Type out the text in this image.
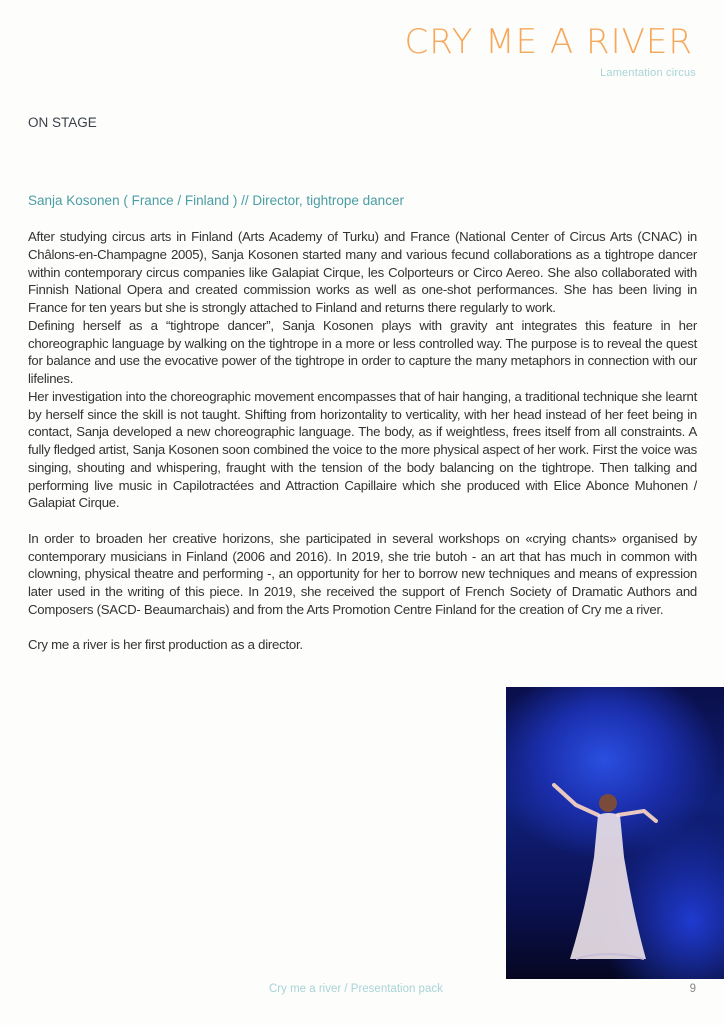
CRY ME A RIVER
Lamentation circus
ON STAGE
Sanja Kosonen ( France / Finland ) // Director, tightrope dancer

After studying circus arts in Finland (Arts Academy of Turku) and France (National Center of Circus Arts (CNAC) in Châlons-en-Champagne 2005), Sanja Kosonen started many and various fecund collaborations as a tightrope dancer within contemporary circus companies like Galapiat Cirque, les Colporteurs or Circo Aereo. She also collaborated with Finnish National Opera and created commission works as well as one-shot performances. She has been living in France for ten years but she is strongly attached to Finland and returns there regularly to work.

Defining herself as a “tightrope dancer”, Sanja Kosonen plays with gravity ant integrates this feature in her choreographic language by walking on the tightrope in a more or less controlled way. The purpose is to reveal the quest for balance and use the evocative power of the tightrope in order to capture the many metaphors in connection with our lifelines.

Her investigation into the choreographic movement encompasses that of hair hanging, a traditional technique she learnt by herself since the skill is not taught. Shifting from horizontality to verticality, with her head instead of her feet being in contact, Sanja developed a new choreographic language. The body, as if weightless, frees itself from all constraints. A fully fledged artist, Sanja Kosonen soon combined the voice to the more physical aspect of her work. First the voice was singing, shouting and whispering, fraught with the tension of the body balancing on the tightrope. Then talking and performing live music in Capilotractées and Attraction Capillaire which she produced with Elice Abonce Muhonen / Galapiat Cirque.

In order to broaden her creative horizons, she participated in several workshops on «crying chants» organised by contemporary musicians in Finland (2006 and 2016). In 2019, she trie butoh - an art that has much in common with clowning, physical theatre and performing -, an opportunity for her to borrow new techniques and means of expression later used in the writing of this piece. In 2019, she received the support of French Society of Dramatic Authors and Composers (SACD- Beaumarchais) and from the Arts Promotion Centre Finland for the creation of Cry me a river.

Cry me a river is her first production as a director.

Cry me a river / Presentation pack	9
